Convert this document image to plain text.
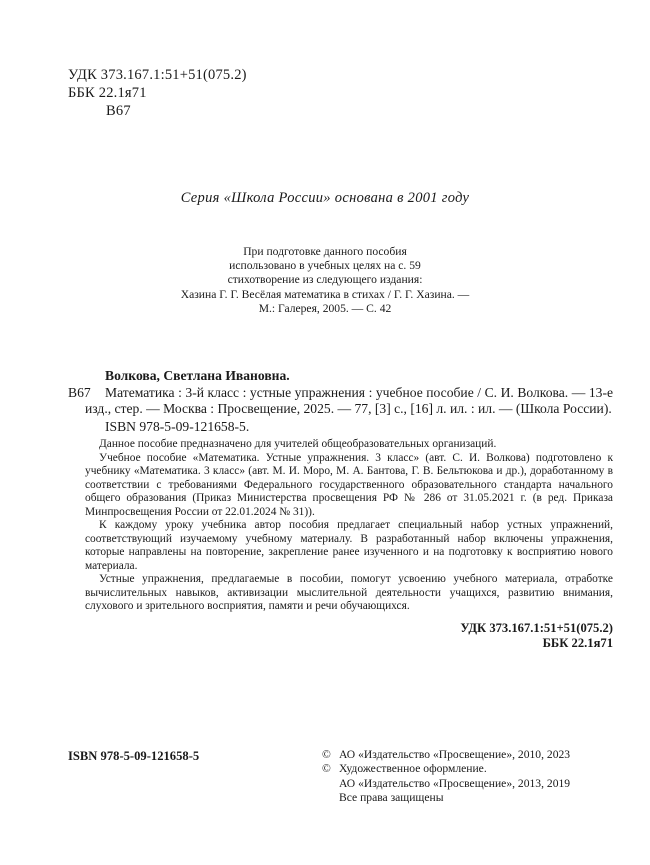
УДК 373.167.1:51+51(075.2)
ББК 22.1я71
В67
Серия «Школа России» основана в 2001 году
При подготовке данного пособия
использовано в учебных целях на с. 59
стихотворение из следующего издания:
Хазина Г. Г. Весёлая математика в стихах / Г. Г. Хазина. —
М.: Галерея, 2005. — С. 42
Волкова, Светлана Ивановна.
В67	Математика : 3-й класс : устные упражнения : учебное пособие / С. И. Волкова. — 13-е изд., стер. — Москва : Просвещение, 2025. — 77, [3] с., [16] л. ил. : ил. — (Школа России).

ISBN 978-5-09-121658-5.

Данное пособие предназначено для учителей общеобразовательных организаций.

Учебное пособие «Математика. Устные упражнения. 3 класс» (авт. С. И. Волкова) подготовлено к учебнику «Математика. 3 класс» (авт. М. И. Моро, М. А. Бантова, Г. В. Бельтюкова и др.), доработанному в соответствии с требованиями Федерального государственного образовательного стандарта начального общего образования (Приказ Министерства просвещения РФ № 286 от 31.05.2021 г. (в ред. Приказа Минпросвещения России от 22.01.2024 № 31)).

К каждому уроку учебника автор пособия предлагает специальный набор устных упражнений, соответствующий изучаемому учебному материалу. В разработанный набор включены упражнения, которые направлены на повторение, закрепление ранее изученного и на подготовку к восприятию нового материала.

Устные упражнения, предлагаемые в пособии, помогут усвоению учебного материала, отработке вычислительных навыков, активизации мыслительной деятельности учащихся, развитию внимания, слухового и зрительного восприятия, памяти и речи обучающихся.

УДК 373.167.1:51+51(075.2)
ББК 22.1я71
ISBN 978-5-09-121658-5	© АО «Издательство «Просвещение», 2010, 2023
© Художественное оформление.
АО «Издательство «Просвещение», 2013, 2019
Все права защищены
